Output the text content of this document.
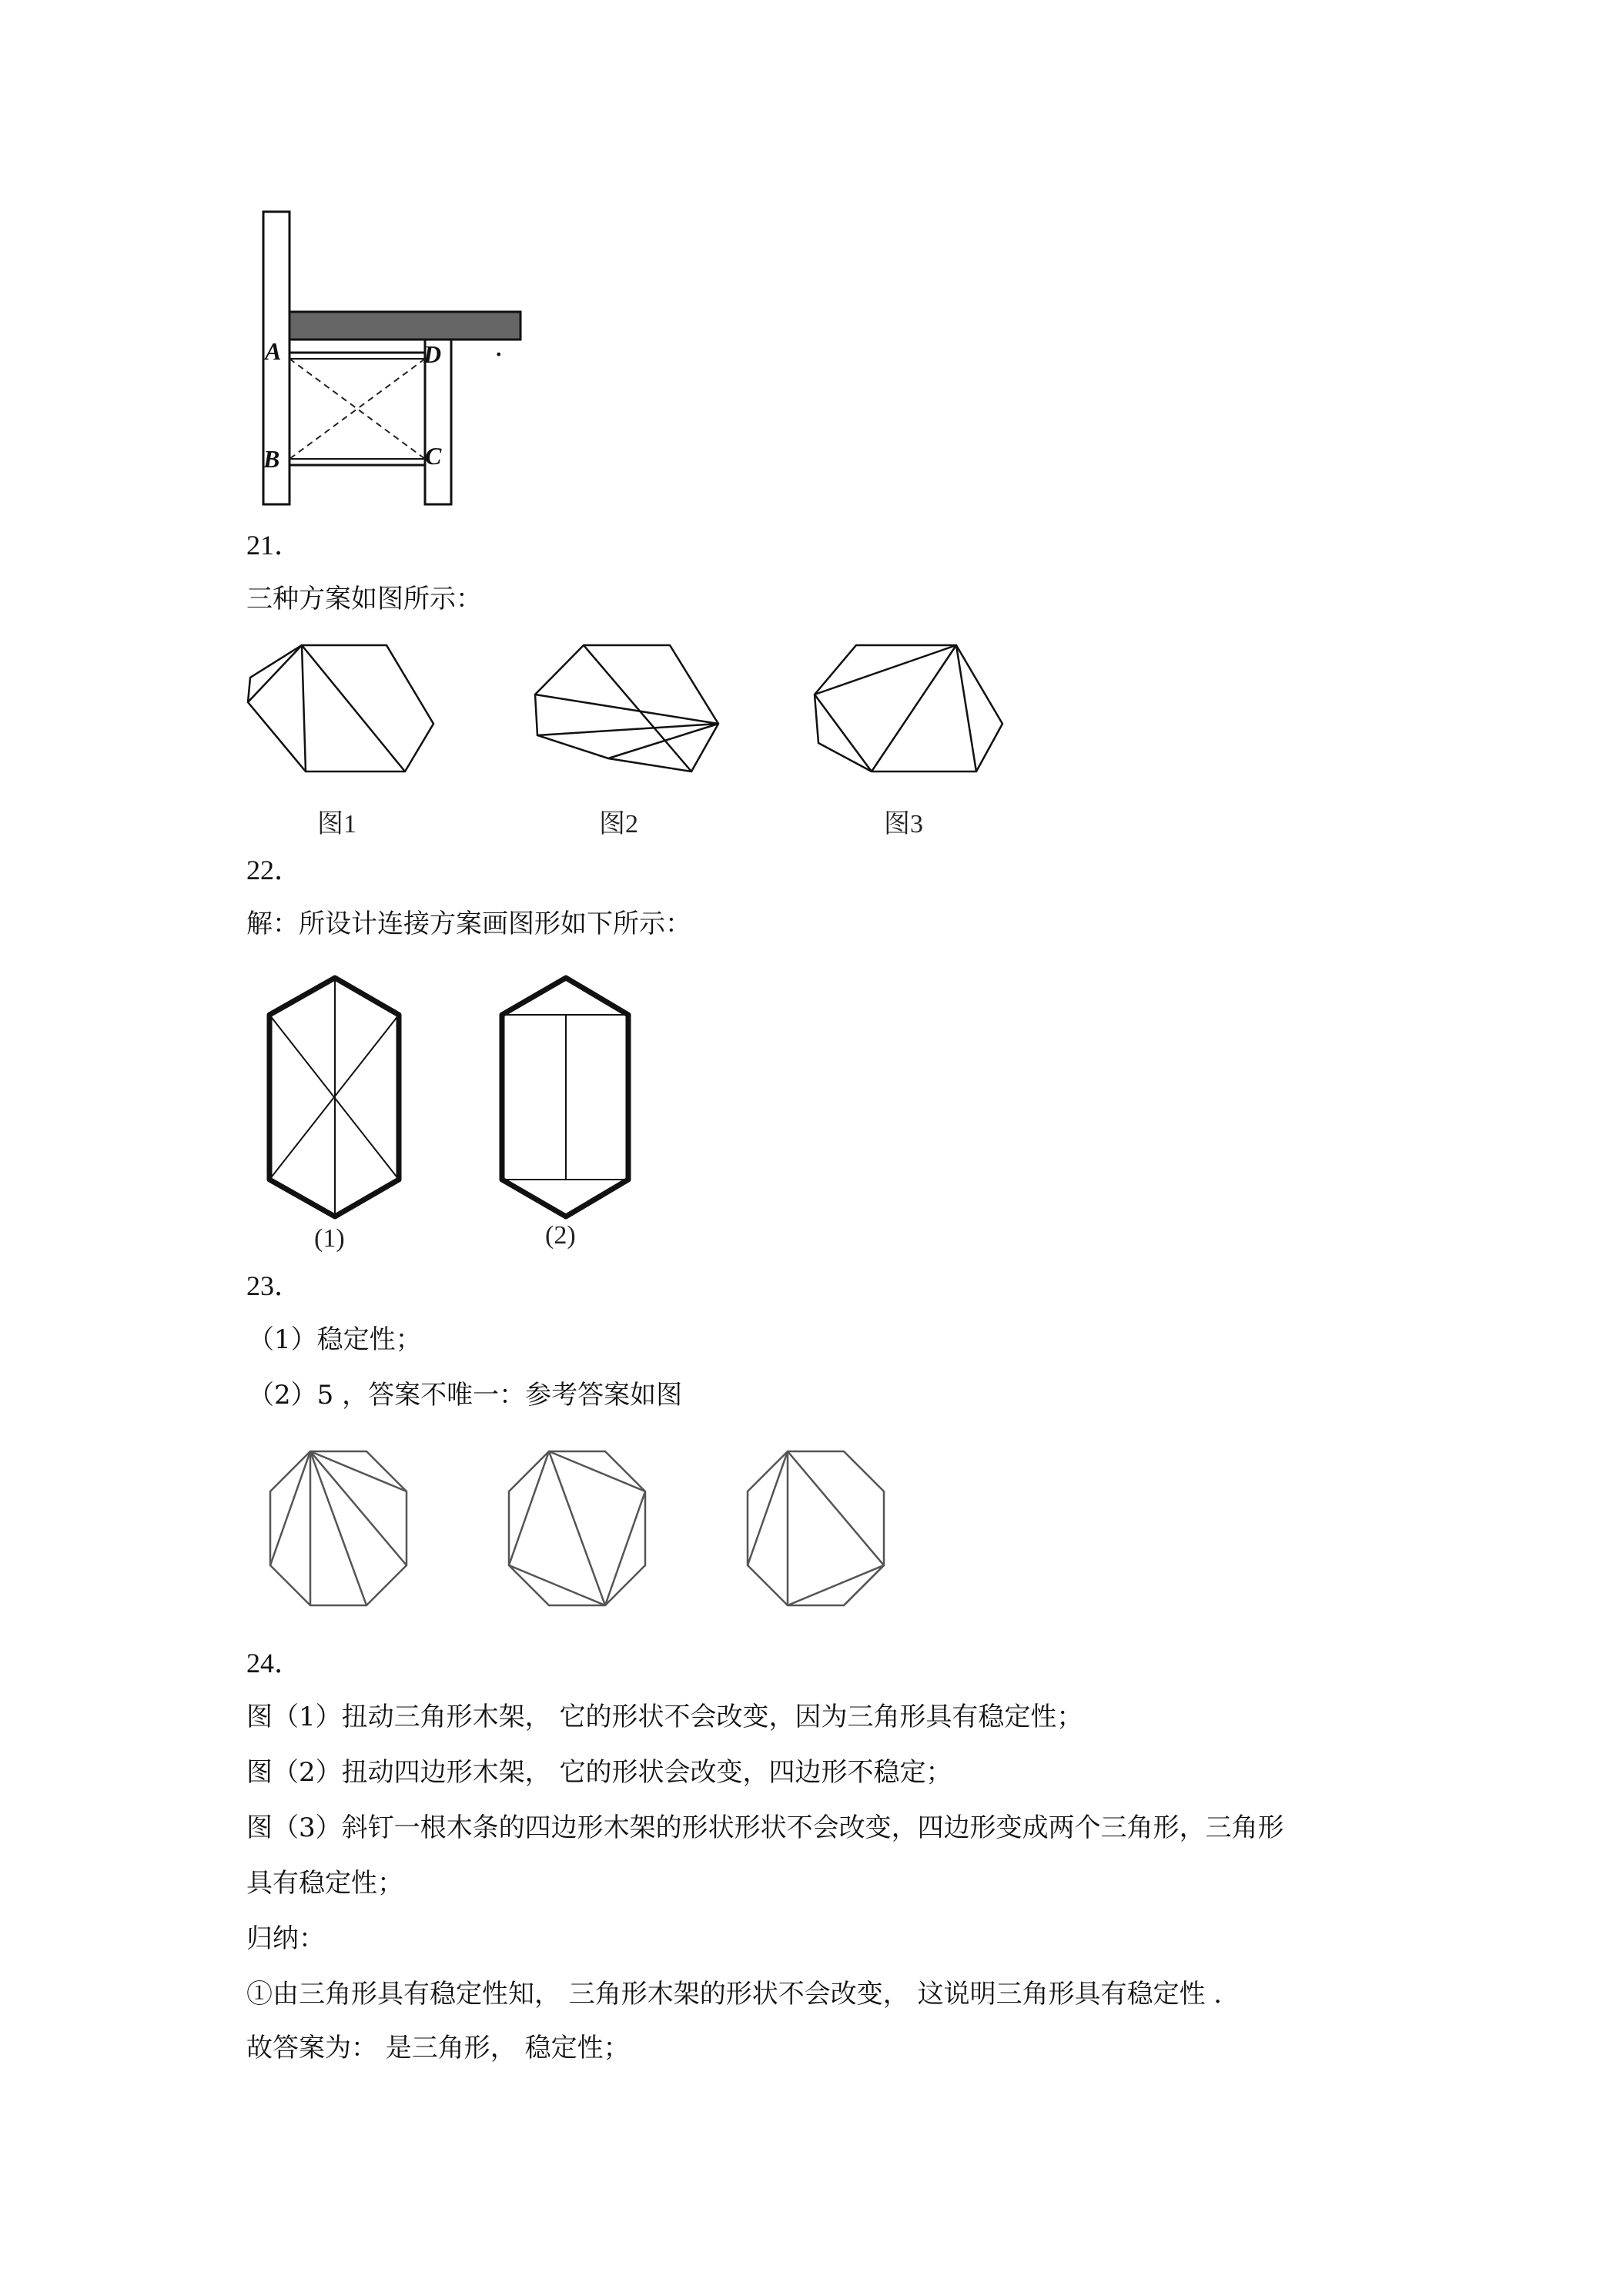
A	D
B	C
.
21．
三种方案如图所示：
图1	图2	图3
22．
解：所设计连接方案画图形如下所示：
(1)	(2)
23．
（1）稳定性；
（2）5 ，答案不唯一：参考答案如图
24．
图（1）扭动三角形木架， 它的形状不会改变，因为三角形具有稳定性；
图（2）扭动四边形木架， 它的形状会改变，四边形不稳定；
图（3）斜钉一根木条的四边形木架的形状形状不会改变，四边形变成两个三角形，三角形
具有稳定性；
归纳：
①由三角形具有稳定性知， 三角形木架的形状不会改变， 这说明三角形具有稳定性 ．
故答案为： 是三角形， 稳定性；
